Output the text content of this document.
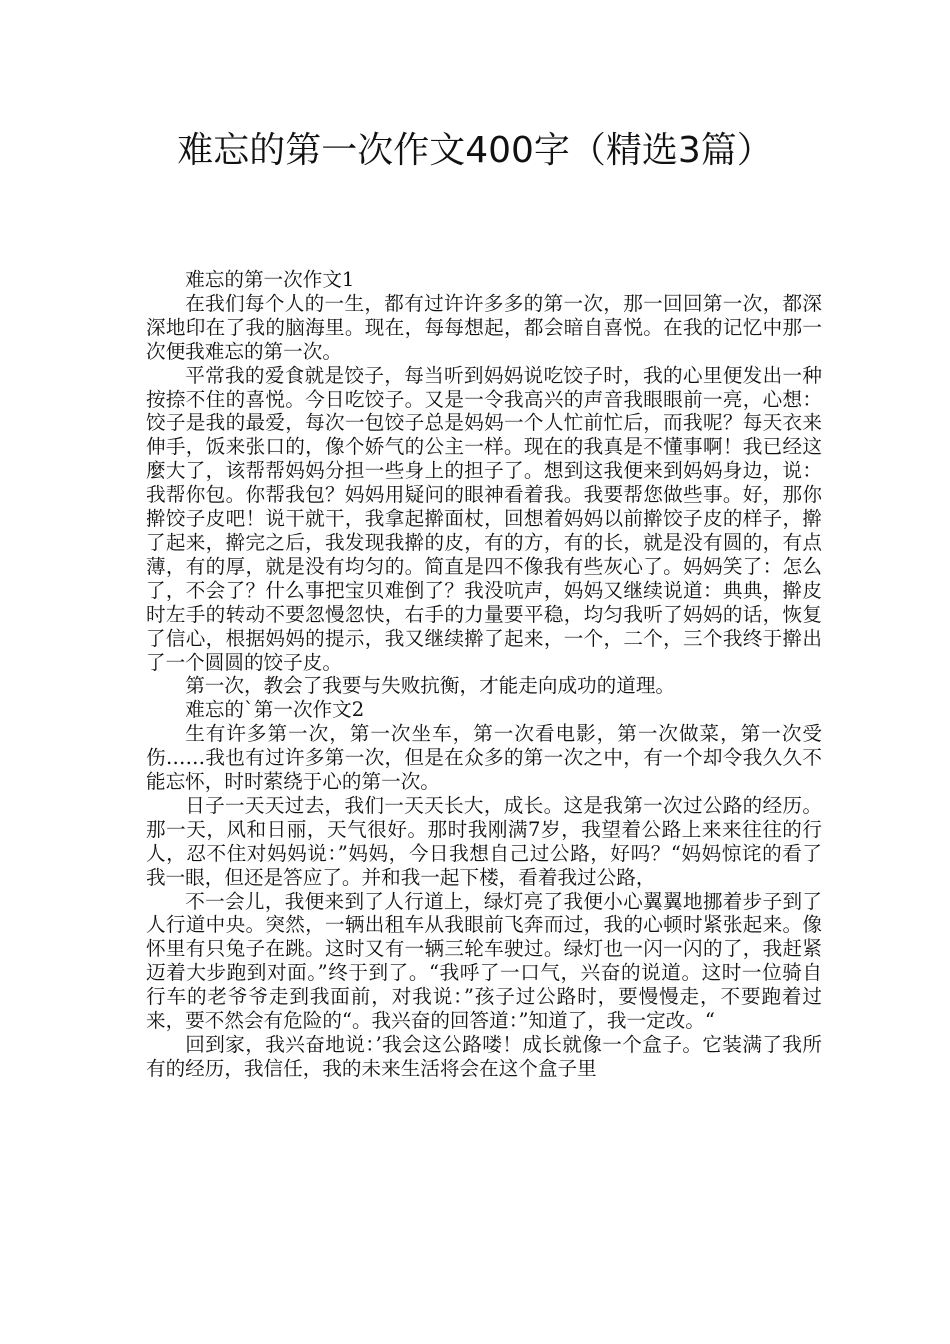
难忘的第一次作文400字（精选3篇）

难忘的第一次作文1

在我们每个人的一生，都有过许许多多的第一次，那一回回第一次，都深深地印在了我的脑海里。现在，每每想起，都会暗自喜悦。在我的记忆中那一次便我难忘的第一次。

平常我的爱食就是饺子，每当听到妈妈说吃饺子时，我的心里便发出一种按捺不住的喜悦。今日吃饺子。又是一令我高兴的声音我眼眼前一亮，心想：饺子是我的最爱，每次一包饺子总是妈妈一个人忙前忙后，而我呢？每天衣来伸手，饭来张口的，像个娇气的公主一样。现在的我真是不懂事啊！我已经这麼大了，该帮帮妈妈分担一些身上的担子了。想到这我便来到妈妈身边，说：我帮你包。你帮我包？妈妈用疑问的眼神看着我。我要帮您做些事。好，那你擀饺子皮吧！说干就干，我拿起擀面杖，回想着妈妈以前擀饺子皮的样子，擀了起来，擀完之后，我发现我擀的皮，有的方，有的长，就是没有圆的，有点薄，有的厚，就是没有均匀的。简直是四不像我有些灰心了。妈妈笑了：怎么了，不会了？什么事把宝贝难倒了？我没吭声，妈妈又继续说道：典典，擀皮时左手的转动不要忽慢忽快，右手的力量要平稳，均匀我听了妈妈的话，恢复了信心，根据妈妈的提示，我又继续擀了起来，一个，二个，三个我终于擀出了一个圆圆的饺子皮。

第一次，教会了我要与失败抗衡，才能走向成功的道理。

难忘的`第一次作文2

生有许多第一次，第一次坐车，第一次看电影，第一次做菜，第一次受伤……我也有过许多第一次，但是在众多的第一次之中，有一个却令我久久不能忘怀，时时萦绕于心的第一次。

日子一天天过去，我们一天天长大，成长。这是我第一次过公路的经历。那一天，风和日丽，天气很好。那时我刚满7岁，我望着公路上来来往往的行人，忍不住对妈妈说：”妈妈，今日我想自己过公路，好吗？“妈妈惊诧的看了我一眼，但还是答应了。并和我一起下楼，看着我过公路，

不一会儿，我便来到了人行道上，绿灯亮了我便小心翼翼地挪着步子到了人行道中央。突然，一辆出租车从我眼前飞奔而过，我的心顿时紧张起来。像怀里有只兔子在跳。这时又有一辆三轮车驶过。绿灯也一闪一闪的了，我赶紧迈着大步跑到对面。”终于到了。“我呼了一口气，兴奋的说道。这时一位骑自行车的老爷爷走到我面前，对我说：”孩子过公路时，要慢慢走，不要跑着过来，要不然会有危险的“。我兴奋的回答道：”知道了，我一定改。“

回到家，我兴奋地说：’我会这公路喽！成长就像一个盒子。它装满了我所有的经历，我信任，我的未来生活将会在这个盒子里
